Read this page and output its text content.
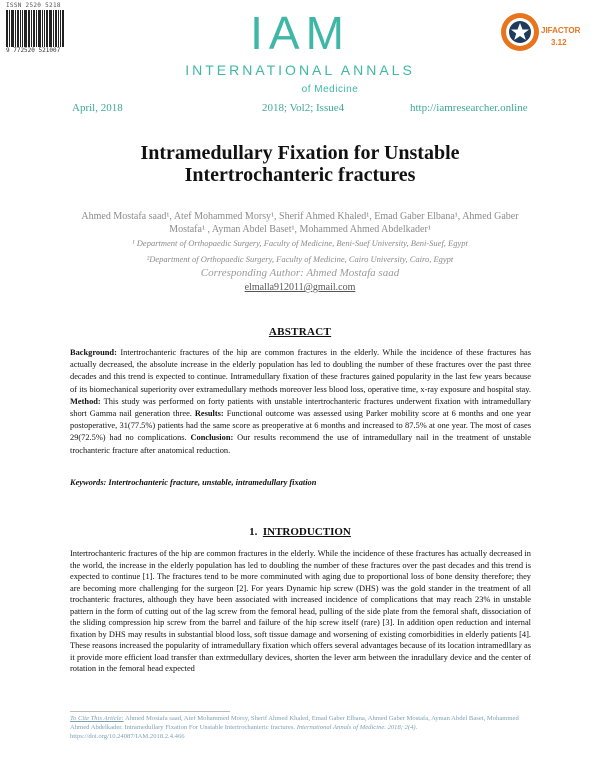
ISSN 2520 5218
9 772520 521007	IAM
INTERNATIONAL ANNALS
of Medicine
JIFACTOR
3.12
April, 2018	2018; Vol2; Issue4	http://iamresearcher.online
Intramedullary Fixation for Unstable
Intertrochanteric fractures
Ahmed Mostafa saad¹, Atef Mohammed Morsy¹, Sherif Ahmed Khaled¹, Emad Gaber Elbana¹, Ahmed Gaber Mostafa¹ , Ayman Abdel Baset¹, Mohammed Ahmed Abdelkader¹
¹ Department of Orthopaedic Surgery, Faculty of Medicine, Beni-Suef University, Beni-Suef, Egypt
²Department of Orthopaedic Surgery, Faculty of Medicine, Cairo University, Cairo, Egypt
Corresponding Author: Ahmed Mostafa saad
elmalla912011@gmail.com
ABSTRACT
Background: Intertrochanteric fractures of the hip are common fractures in the elderly. While the incidence of these fractures has actually decreased, the absolute increase in the elderly population has led to doubling the number of these fractures over the past three decades and this trend is expected to continue. Intramedullary fixation of these fractures gained popularity in the last few years because of its biomechanical superiority over extramedullary methods moreover less blood loss, operative time, x-ray exposure and hospital stay. Method: This study was performed on forty patients with unstable intertrochanteric fractures underwent fixation with intramedullary short Gamma nail generation three. Results: Functional outcome was assessed using Parker mobility score at 6 months and one year postoperative, 31(77.5%) patients had the same score as preoperative at 6 months and increased to 87.5% at one year. The most of cases 29(72.5%) had no complications. Conclusion: Our results recommend the use of intramedullary nail in the treatment of unstable trochanteric fracture after anatomical reduction.
Keywords: Intertrochanteric fracture, unstable, intramedullary fixation
1. INTRODUCTION
Intertrochanteric fractures of the hip are common fractures in the elderly. While the incidence of these fractures has actually decreased in the world, the increase in the elderly population has led to doubling the number of these fractures over the past decades and this trend is expected to continue [1]. The fractures tend to be more comminuted with aging due to proportional loss of bone density therefore; they are becoming more challenging for the surgeon [2]. For years Dynamic hip screw (DHS) was the gold stander in the treatment of all trochanteric fractures, although they have been associated with increased incidence of complications that may reach 23% in unstable pattern in the form of cutting out of the lag screw from the femoral head, pulling of the side plate from the femoral shaft, dissociation of the sliding compression hip screw from the barrel and failure of the hip screw itself (rare) [3]. In addition open reduction and internal fixation by DHS may results in substantial blood loss, soft tissue damage and worsening of existing comorbidities in elderly patients [4]. These reasons increased the popularity of intramedullary fixation which offers several advantages because of its location intramedllary as it provide more efficient load transfer than extrmedullary devices, shorten the lever arm between the inradullary device and the center of rotation in the femoral head expected
To Cite This Article: Ahmed Mostafa saad, Atef Mohammed Morsy, Sherif Ahmed Khaled, Emad Gaber Elbana, Ahmed Gaber Mostafa, Ayman Abdel Baset, Mohammed Ahmed Abdelkader. Intramedullary Fixation For Unstable Intertrochanteric fractures. International Annals of Medicine. 2018; 2(4). https://doi.org/10.24087/IAM.2018.2.4.466
